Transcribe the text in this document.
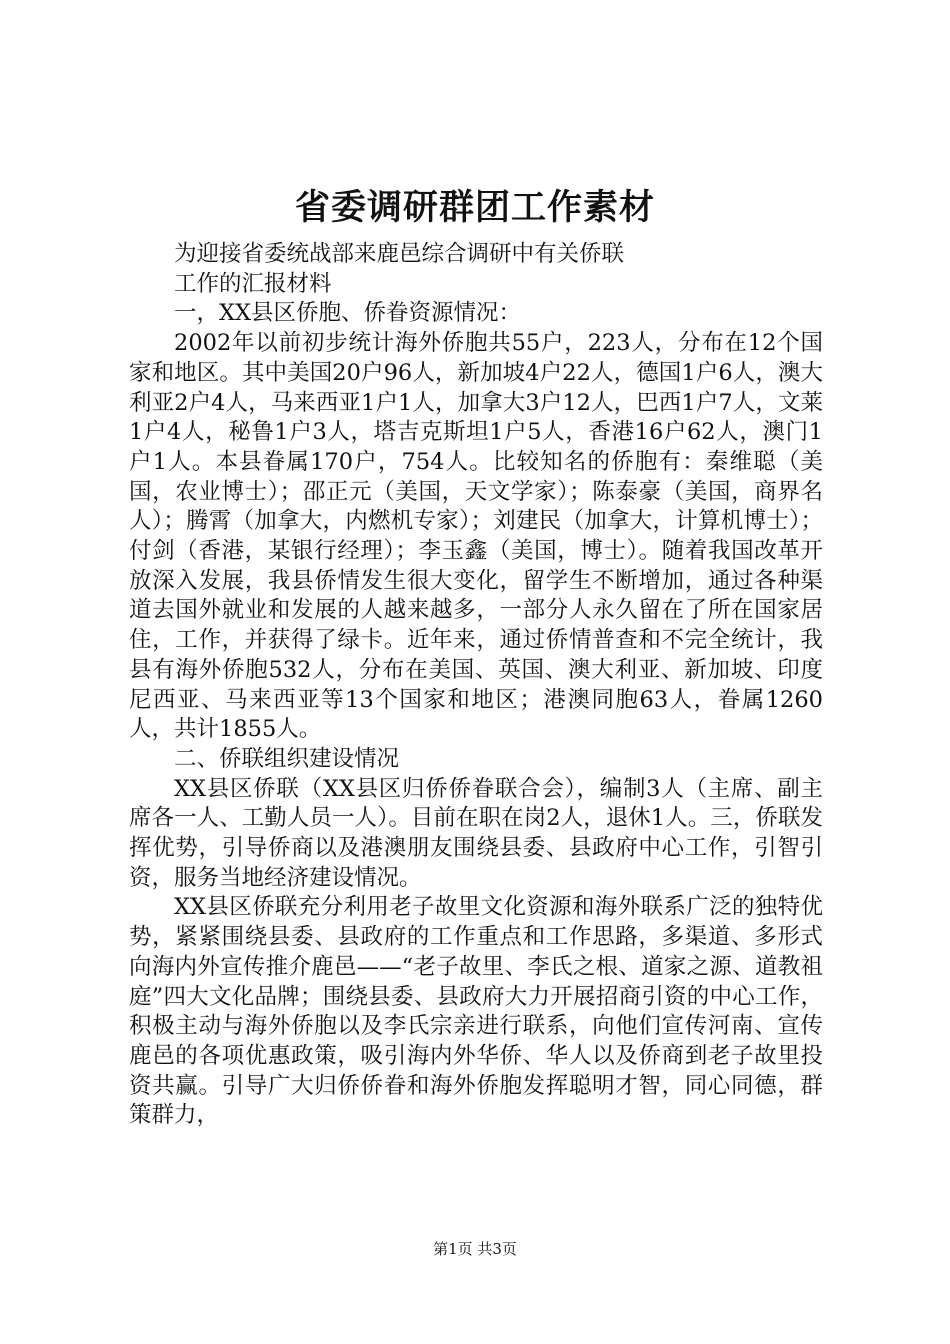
省委调研群团工作素材

为迎接省委统战部来鹿邑综合调研中有关侨联

工作的汇报材料

一，XX县区侨胞、侨眷资源情况：

2002年以前初步统计海外侨胞共55户，223人，分布在12个国家和地区。其中美国20户96人，新加坡4户22人，德国1户6人，澳大利亚2户4人，马来西亚1户1人，加拿大3户12人，巴西1户7人，文莱1户4人，秘鲁1户3人，塔吉克斯坦1户5人，香港16户62人，澳门1户1人。本县眷属170户，754人。比较知名的侨胞有：秦维聪（美国，农业博士）；邵正元（美国，天文学家）；陈泰豪（美国，商界名人）；腾霄（加拿大，内燃机专家）；刘建民（加拿大，计算机博士）；付剑（香港，某银行经理）；李玉鑫（美国，博士）。随着我国改革开放深入发展，我县侨情发生很大变化，留学生不断增加，通过各种渠道去国外就业和发展的人越来越多，一部分人永久留在了所在国家居住，工作，并获得了绿卡。近年来，通过侨情普查和不完全统计，我县有海外侨胞532人，分布在美国、英国、澳大利亚、新加坡、印度尼西亚、马来西亚等13个国家和地区；港澳同胞63人，眷属1260人，共计1855人。

二、侨联组织建设情况

XX县区侨联（XX县区归侨侨眷联合会），编制3人（主席、副主席各一人、工勤人员一人）。目前在职在岗2人，退休1人。三，侨联发挥优势，引导侨商以及港澳朋友围绕县委、县政府中心工作，引智引资，服务当地经济建设情况。

XX县区侨联充分利用老子故里文化资源和海外联系广泛的独特优势，紧紧围绕县委、县政府的工作重点和工作思路，多渠道、多形式向海内外宣传推介鹿邑——“老子故里、李氏之根、道家之源、道教祖庭”四大文化品牌；围绕县委、县政府大力开展招商引资的中心工作，积极主动与海外侨胞以及李氏宗亲进行联系，向他们宣传河南、宣传鹿邑的各项优惠政策，吸引海内外华侨、华人以及侨商到老子故里投资共赢。引导广大归侨侨眷和海外侨胞发挥聪明才智，同心同德，群策群力，

第1页 共3页
